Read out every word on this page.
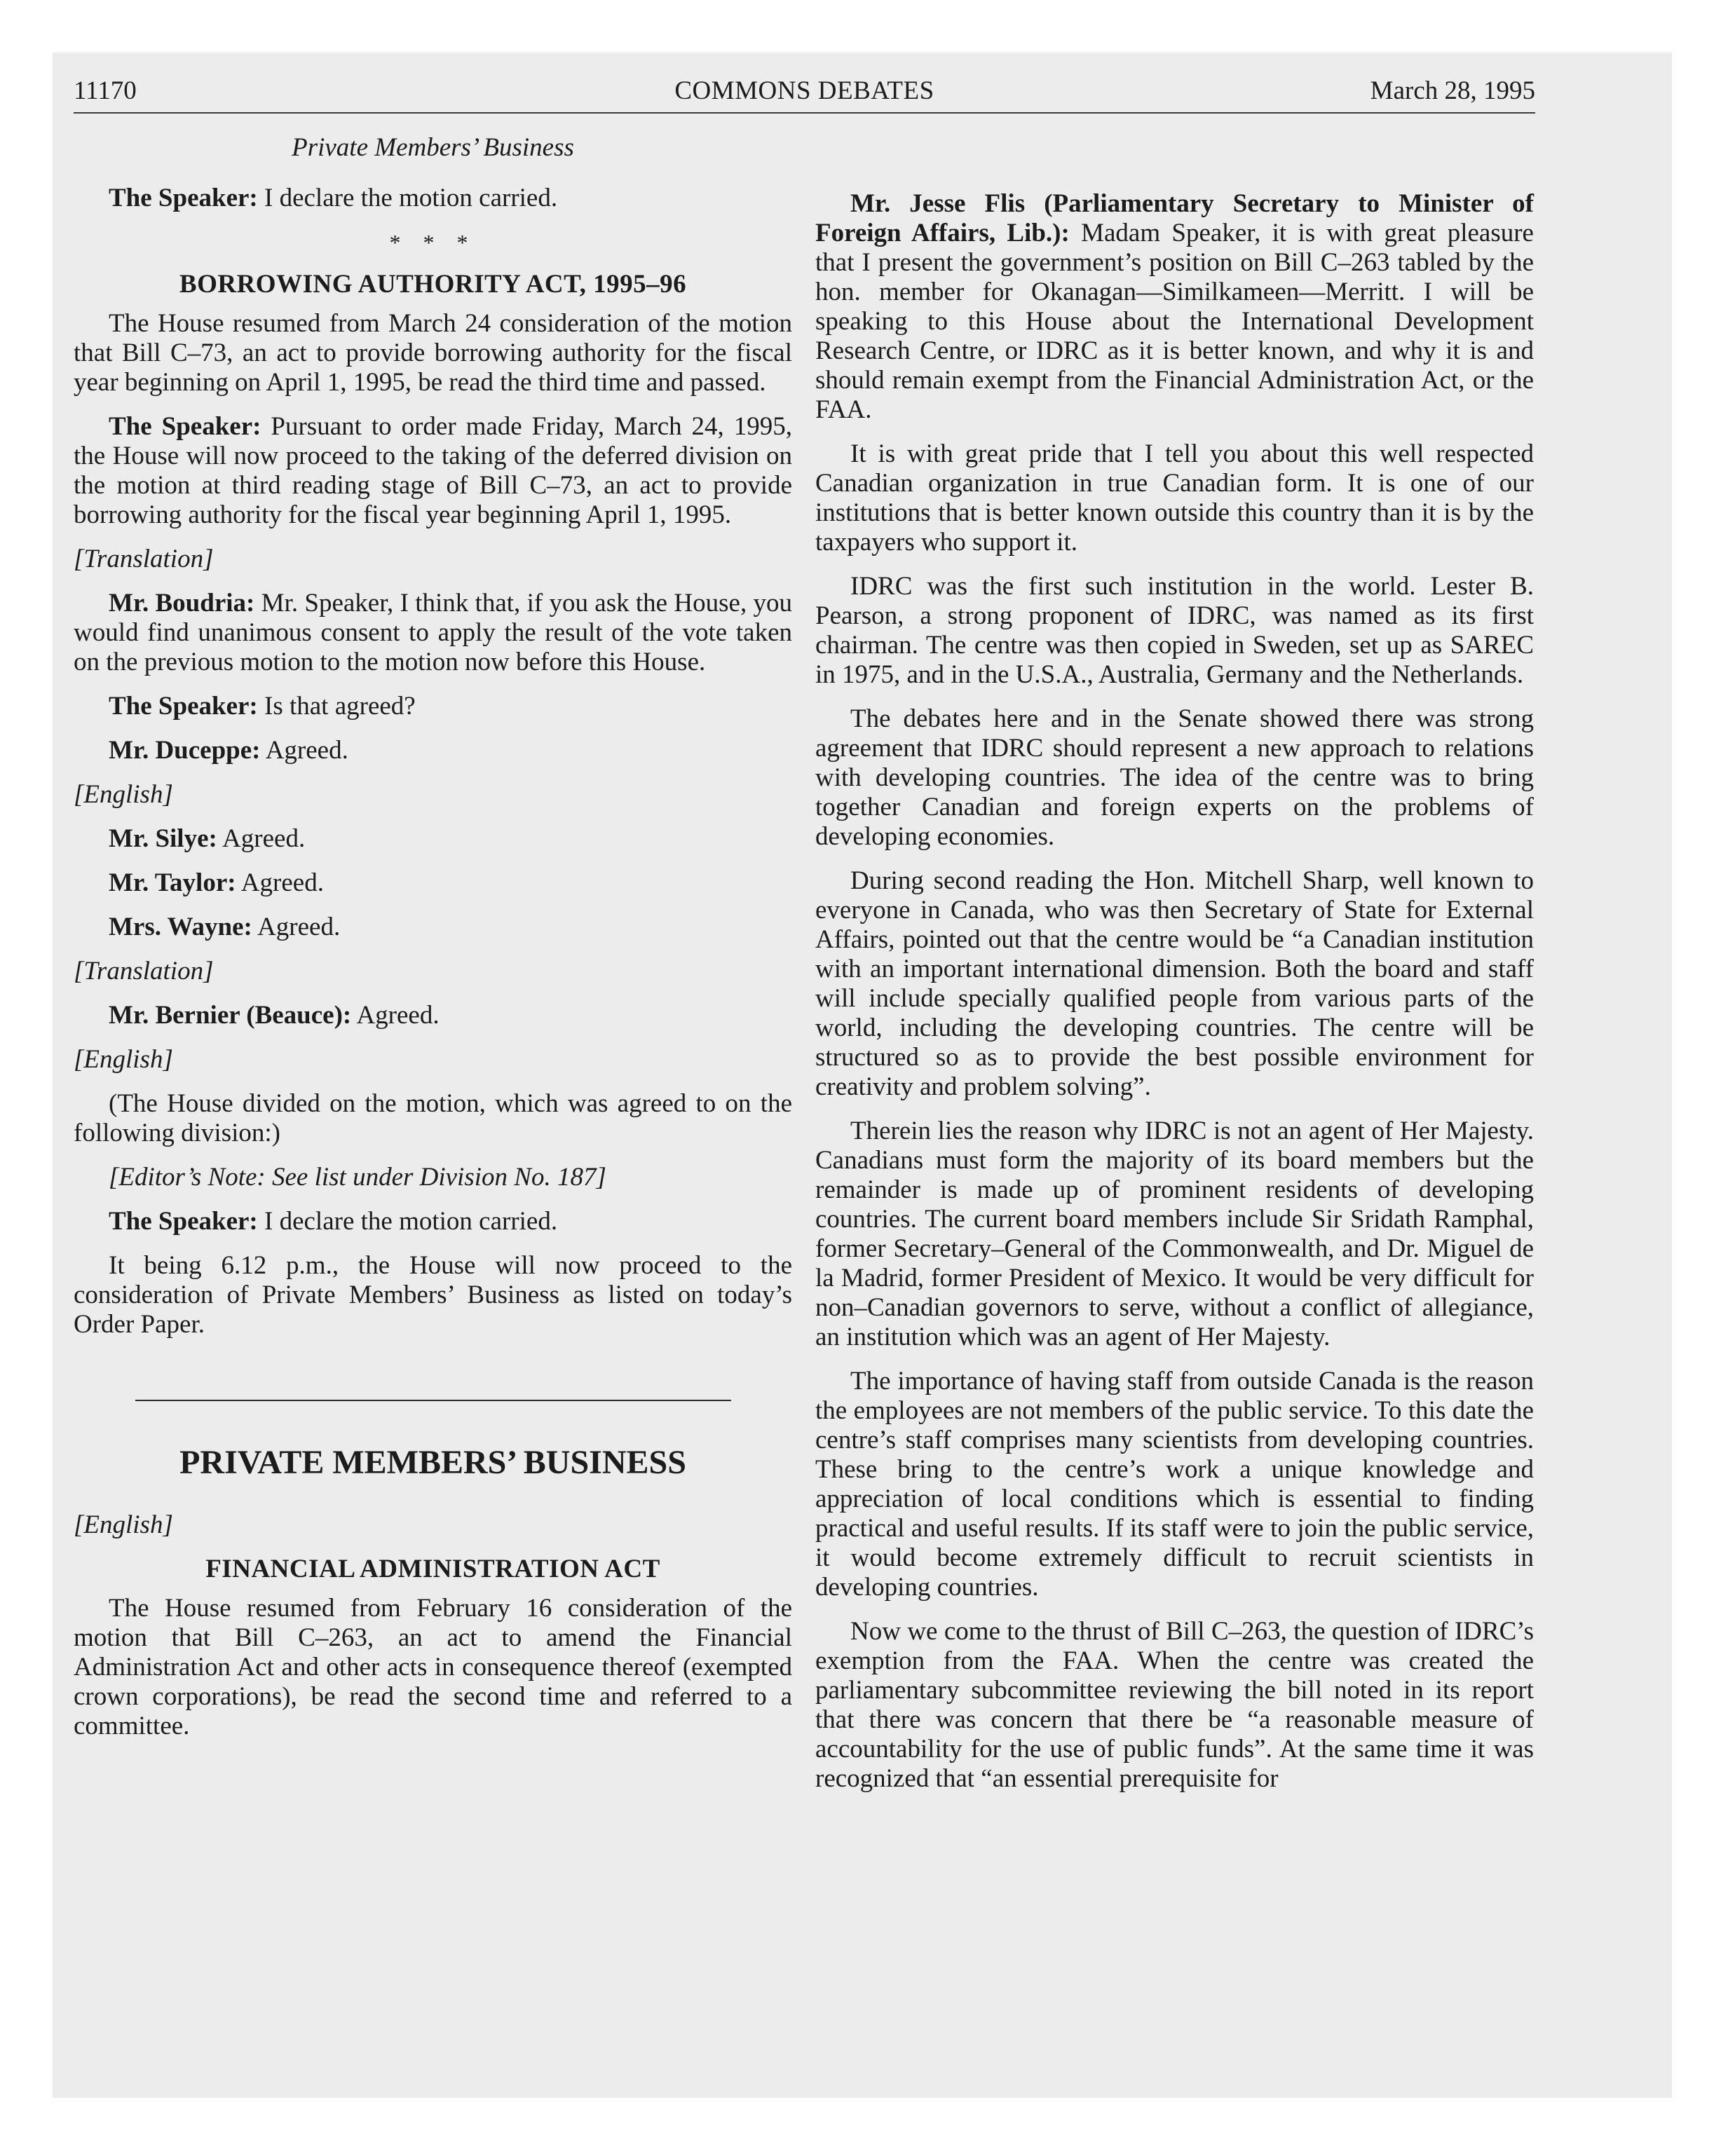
11170	COMMONS DEBATES	March 28, 1995

Private Members’ Business

The Speaker: I declare the motion carried.

* * *

BORROWING AUTHORITY ACT, 1995–96

The House resumed from March 24 consideration of the motion that Bill C–73, an act to provide borrowing authority for the fiscal year beginning on April 1, 1995, be read the third time and passed.

The Speaker: Pursuant to order made Friday, March 24, 1995, the House will now proceed to the taking of the deferred division on the motion at third reading stage of Bill C–73, an act to provide borrowing authority for the fiscal year beginning April 1, 1995.

[Translation]

Mr. Boudria: Mr. Speaker, I think that, if you ask the House, you would find unanimous consent to apply the result of the vote taken on the previous motion to the motion now before this House.

The Speaker: Is that agreed?

Mr. Duceppe: Agreed.

[English]

Mr. Silye: Agreed.

Mr. Taylor: Agreed.

Mrs. Wayne: Agreed.

[Translation]

Mr. Bernier (Beauce): Agreed.

[English]

(The House divided on the motion, which was agreed to on the following division:)

[Editor’s Note: See list under Division No. 187]

The Speaker: I declare the motion carried.

It being 6.12 p.m., the House will now proceed to the consideration of Private Members’ Business as listed on today’s Order Paper.

PRIVATE MEMBERS’ BUSINESS

[English]

FINANCIAL ADMINISTRATION ACT

The House resumed from February 16 consideration of the motion that Bill C–263, an act to amend the Financial Administration Act and other acts in consequence thereof (exempted crown corporations), be read the second time and referred to a committee.

Mr. Jesse Flis (Parliamentary Secretary to Minister of Foreign Affairs, Lib.): Madam Speaker, it is with great pleasure that I present the government’s position on Bill C–263 tabled by the hon. member for Okanagan—Similkameen—Merritt. I will be speaking to this House about the International Development Research Centre, or IDRC as it is better known, and why it is and should remain exempt from the Financial Administration Act, or the FAA.

It is with great pride that I tell you about this well respected Canadian organization in true Canadian form. It is one of our institutions that is better known outside this country than it is by the taxpayers who support it.

IDRC was the first such institution in the world. Lester B. Pearson, a strong proponent of IDRC, was named as its first chairman. The centre was then copied in Sweden, set up as SAREC in 1975, and in the U.S.A., Australia, Germany and the Netherlands.

The debates here and in the Senate showed there was strong agreement that IDRC should represent a new approach to relations with developing countries. The idea of the centre was to bring together Canadian and foreign experts on the problems of developing economies.

During second reading the Hon. Mitchell Sharp, well known to everyone in Canada, who was then Secretary of State for External Affairs, pointed out that the centre would be “a Canadian institution with an important international dimension. Both the board and staff will include specially qualified people from various parts of the world, including the developing countries. The centre will be structured so as to provide the best possible environment for creativity and problem solving”.

Therein lies the reason why IDRC is not an agent of Her Majesty. Canadians must form the majority of its board members but the remainder is made up of prominent residents of developing countries. The current board members include Sir Sridath Ramphal, former Secretary–General of the Commonwealth, and Dr. Miguel de la Madrid, former President of Mexico. It would be very difficult for non–Canadian governors to serve, without a conflict of allegiance, an institution which was an agent of Her Majesty.

The importance of having staff from outside Canada is the reason the employees are not members of the public service. To this date the centre’s staff comprises many scientists from developing countries. These bring to the centre’s work a unique knowledge and appreciation of local conditions which is essential to finding practical and useful results. If its staff were to join the public service, it would become extremely difficult to recruit scientists in developing countries.

Now we come to the thrust of Bill C–263, the question of IDRC’s exemption from the FAA. When the centre was created the parliamentary subcommittee reviewing the bill noted in its report that there was concern that there be “a reasonable measure of accountability for the use of public funds”. At the same time it was recognized that “an essential prerequisite for
